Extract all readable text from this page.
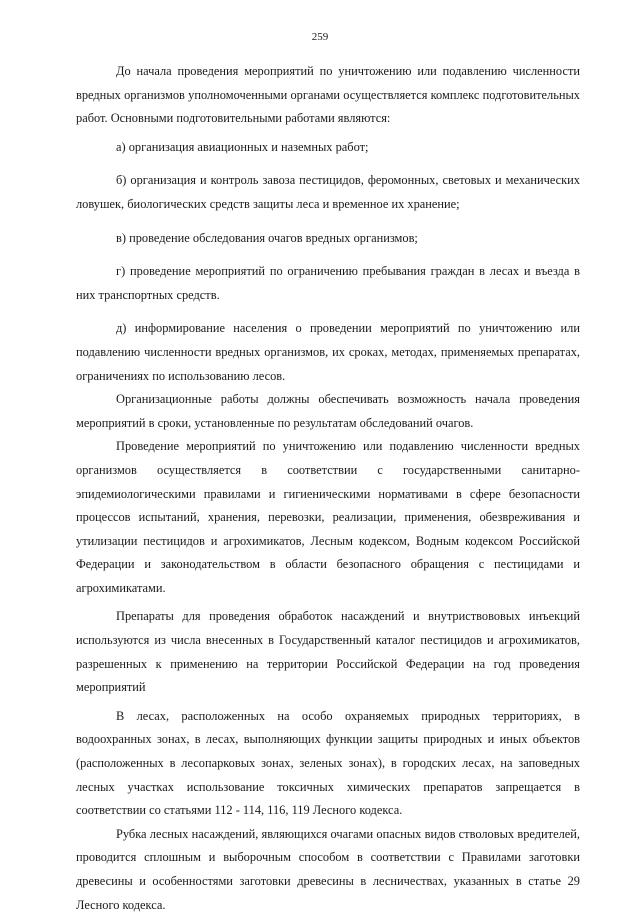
259

До начала проведения мероприятий по уничтожению или подавлению численности вредных организмов уполномоченными органами осуществляется комплекс подготовительных работ. Основными подготовительными работами являются:

а) организация авиационных и наземных работ;

б) организация и контроль завоза пестицидов, феромонных, световых и механических ловушек, биологических средств защиты леса и временное их хранение;

в) проведение обследования очагов вредных организмов;

г) проведение мероприятий по ограничению пребывания граждан в лесах и въезда в них транспортных средств.

д) информирование населения о проведении мероприятий по уничтожению или подавлению численности вредных организмов, их сроках, методах, применяемых препаратах, ограничениях по использованию лесов.

Организационные работы должны обеспечивать возможность начала проведения мероприятий в сроки, установленные по результатам обследований очагов.

Проведение мероприятий по уничтожению или подавлению численности вредных организмов осуществляется в соответствии с государственными санитарно-эпидемиологическими правилами и гигиеническими нормативами в сфере безопасности процессов испытаний, хранения, перевозки, реализации, применения, обезвреживания и утилизации пестицидов и агрохимикатов, Лесным кодексом, Водным кодексом Российской Федерации и законодательством в области безопасного обращения с пестицидами и агрохимикатами.

Препараты для проведения обработок насаждений и внутриствововых инъекций используются из числа внесенных в Государственный каталог пестицидов и агрохимикатов, разрешенных к применению на территории Российской Федерации на год проведения мероприятий

В лесах, расположенных на особо охраняемых природных территориях, в водоохранных зонах, в лесах, выполняющих функции защиты природных и иных объектов (расположенных в лесопарковых зонах, зеленых зонах), в городских лесах, на заповедных лесных участках использование токсичных химических препаратов запрещается в соответствии со статьями 112 - 114, 116, 119 Лесного кодекса.

Рубка лесных насаждений, являющихся очагами опасных видов стволовых вредителей, проводится сплошным и выборочным способом в соответствии с Правилами заготовки древесины и особенностями заготовки древесины в лесничествах, указанных в статье 29 Лесного кодекса.
